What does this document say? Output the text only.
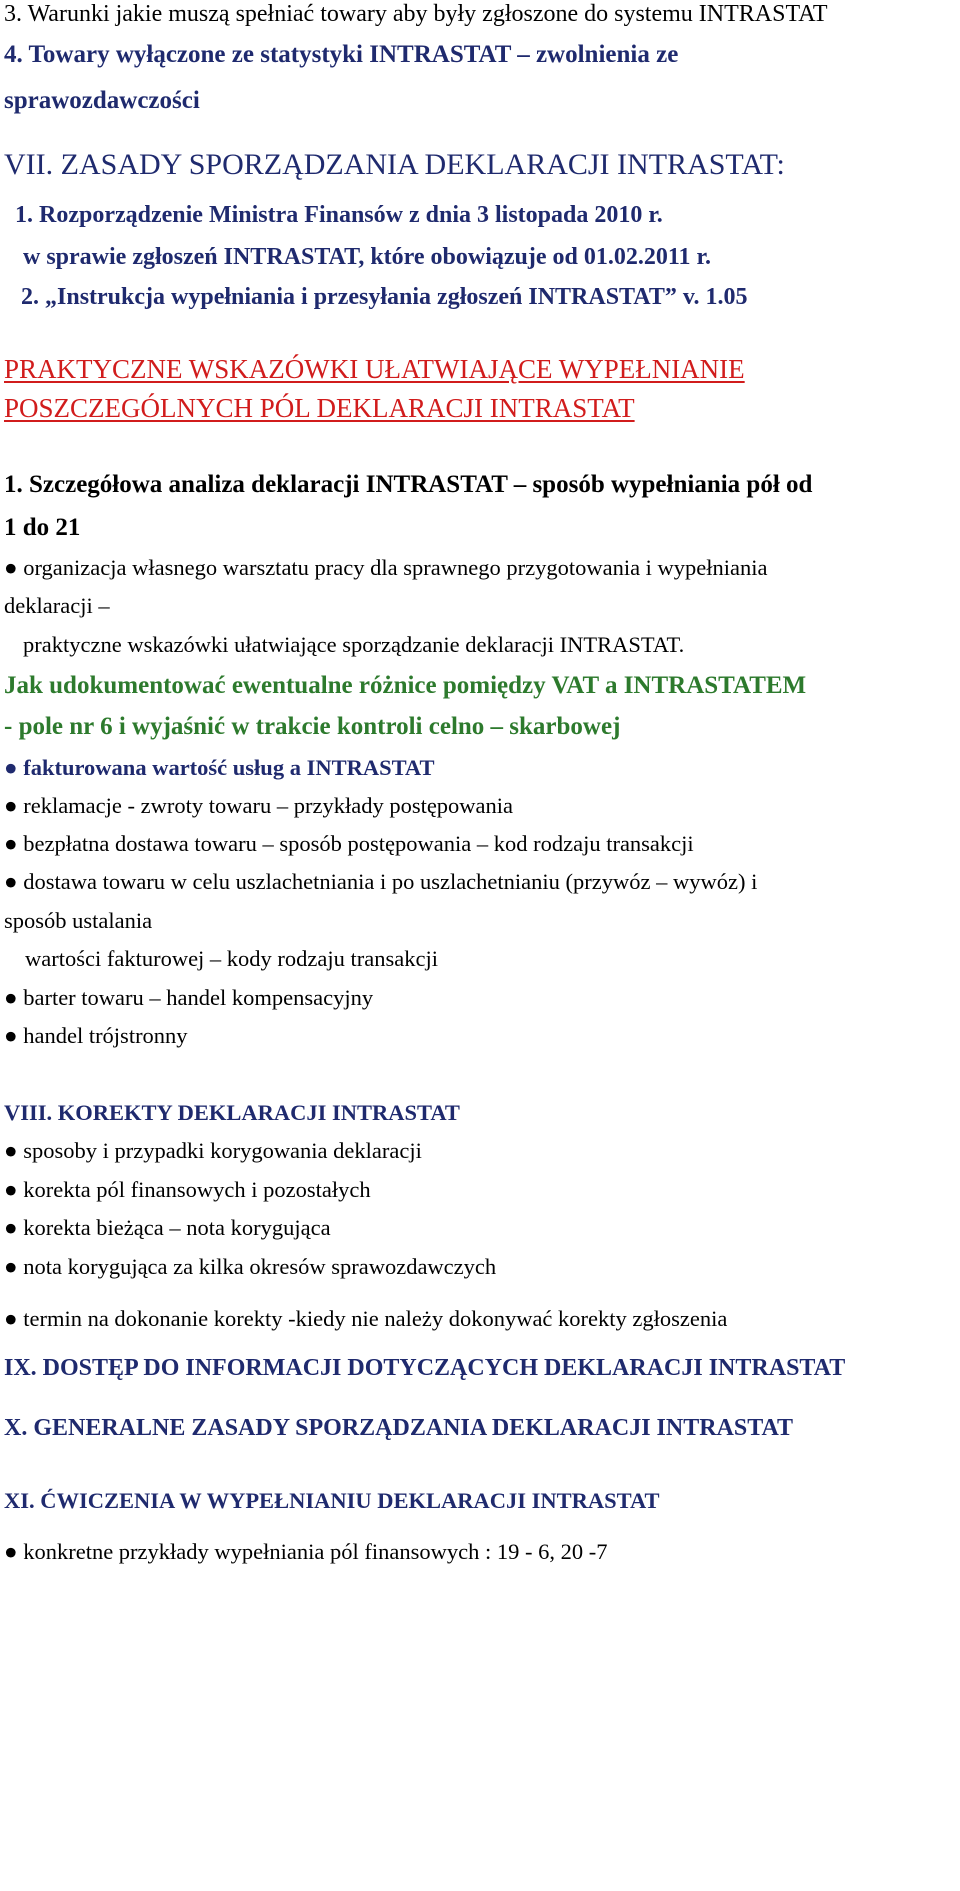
3. Warunki jakie muszą spełniać towary aby były zgłoszone do systemu INTRASTAT
4. Towary wyłączone ze statystyki INTRASTAT – zwolnienia ze
sprawozdawczości
VII. ZASADY SPORZĄDZANIA DEKLARACJI INTRASTAT:
1. Rozporządzenie Ministra Finansów z dnia 3 listopada 2010 r.
w sprawie zgłoszeń INTRASTAT, które obowiązuje od 01.02.2011 r.
2. „Instrukcja wypełniania i przesyłania zgłoszeń INTRASTAT” v. 1.05
PRAKTYCZNE WSKAZÓWKI UŁATWIAJĄCE WYPEŁNIANIE
POSZCZEGÓLNYCH PÓL DEKLARACJI INTRASTAT
1. Szczegółowa analiza deklaracji INTRASTAT – sposób wypełniania pół od
1 do 21
● organizacja własnego warsztatu pracy dla sprawnego przygotowania i wypełniania
deklaracji –
praktyczne wskazówki ułatwiające sporządzanie deklaracji INTRASTAT.
Jak udokumentować ewentualne różnice pomiędzy VAT a INTRASTATEM
- pole nr 6 i wyjaśnić w trakcie kontroli celno – skarbowej
● fakturowana wartość usług a INTRASTAT
● reklamacje - zwroty towaru – przykłady postępowania
● bezpłatna dostawa towaru – sposób postępowania – kod rodzaju transakcji
● dostawa towaru w celu uszlachetniania i po uszlachetnianiu (przywóz – wywóz) i
sposób ustalania
wartości fakturowej – kody rodzaju transakcji
● barter towaru – handel kompensacyjny
● handel trójstronny
VIII. KOREKTY DEKLARACJI INTRASTAT
● sposoby i przypadki korygowania deklaracji
● korekta pól finansowych i pozostałych
● korekta bieżąca – nota korygująca
● nota korygująca za kilka okresów sprawozdawczych
● termin na dokonanie korekty -kiedy nie należy dokonywać korekty zgłoszenia
IX. DOSTĘP DO INFORMACJI DOTYCZĄCYCH DEKLARACJI INTRASTAT
X. GENERALNE ZASADY SPORZĄDZANIA DEKLARACJI INTRASTAT
XI. ĆWICZENIA W WYPEŁNIANIU DEKLARACJI INTRASTAT
● konkretne przykłady wypełniania pól finansowych : 19 - 6, 20 -7
